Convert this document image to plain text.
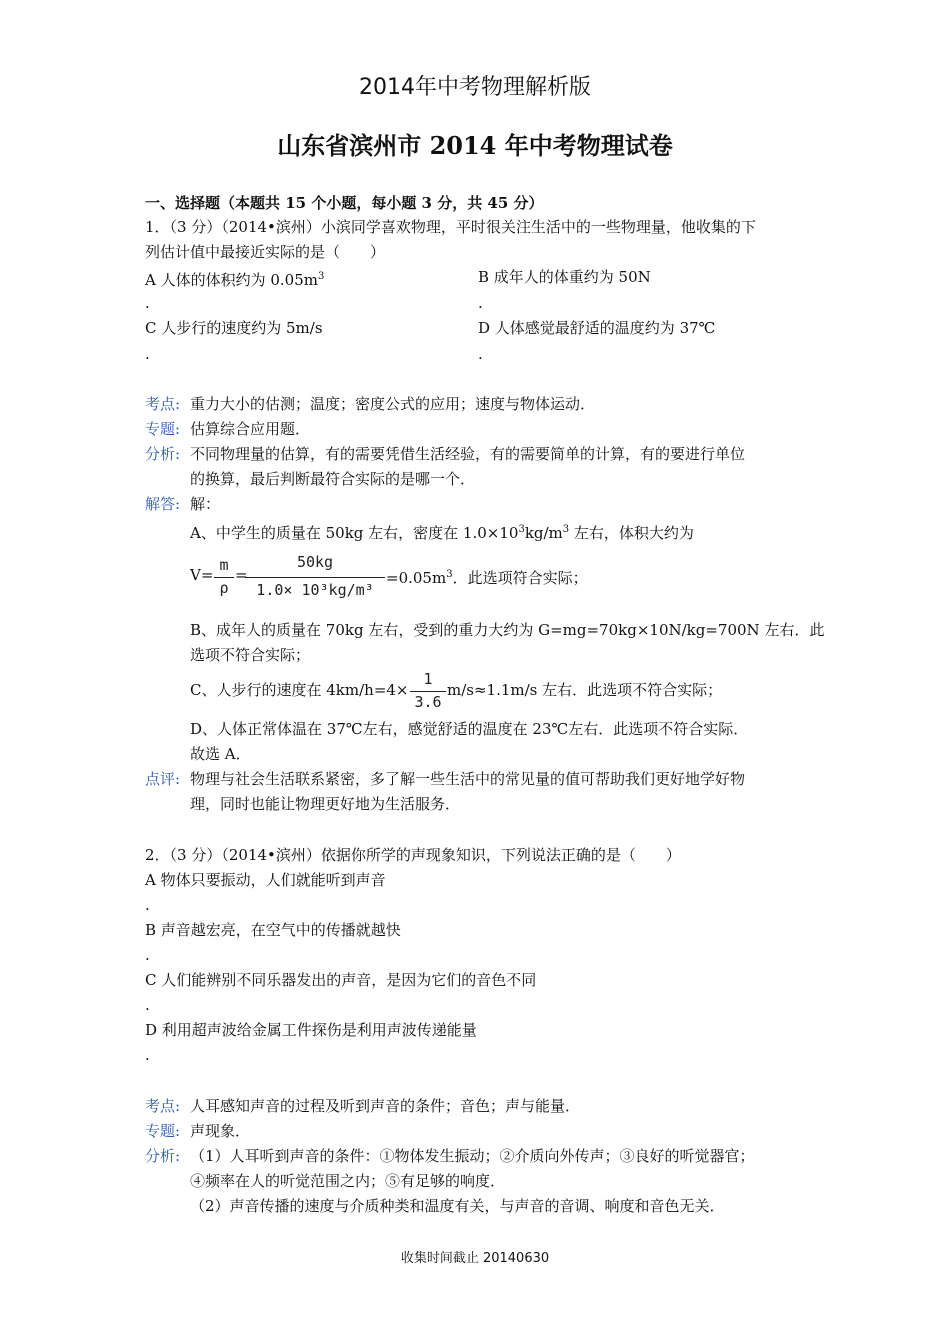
2014年中考物理解析版
山东省滨州市 2014 年中考物理试卷
一、选择题（本题共 15 个小题，每小题 3 分，共 45 分）
1．（3 分）（2014•滨州）小滨同学喜欢物理，平时很关注生活中的一些物理量，他收集的下
列估计值中最接近实际的是（　　）
A 人体的体积约为 $0.05m^3$
.
B 成年人的体重约为 50N
.
C 人步行的速度约为 5m/s
.
D 人体感觉最舒适的温度约为 37℃
.
考点: 重力大小的估测；温度；密度公式的应用；速度与物体运动．
专题: 估算综合应用题．
分析: 不同物理量的估算，有的需要凭借生活经验，有的需要简单的计算，有的要进行单位
的换算，最后判断最符合实际的是哪一个．
解答: 解：
A、中学生的质量在 50kg 左右，密度在 $1.0\times 10^3kg/m^3$ 左右，体积大约为
V=
m
ρ
=
50kg
1.0× 10³kg/m³
$=0.05m^3$．此选项符合实际；
B、成年人的质量在 70kg 左右，受到的重力大约为 G=mg=70kg×10N/kg=700N 左右．此
选项不符合实际；
C、人步行的速度在 4km/h=4×
1
3.6
m/s≈1.1m/s 左右．此选项不符合实际；
D、人体正常体温在 37℃左右，感觉舒适的温度在 23℃左右．此选项不符合实际．
故选 A．
点评: 物理与社会生活联系紧密，多了解一些生活中的常见量的值可帮助我们更好地学好物
理，同时也能让物理更好地为生活服务．
2．（3 分）（2014•滨州）依据你所学的声现象知识，下列说法正确的是（　　）
A 物体只要振动，人们就能听到声音
.
B 声音越宏亮，在空气中的传播就越快
.
C 人们能辨别不同乐器发出的声音，是因为它们的音色不同
.
D 利用超声波给金属工件探伤是利用声波传递能量
.
考点: 人耳感知声音的过程及听到声音的条件；音色；声与能量．
专题: 声现象．
分析: （1）人耳听到声音的条件：①物体发生振动；②介质向外传声；③良好的听觉器官；
④频率在人的听觉范围之内；⑤有足够的响度．
（2）声音传播的速度与介质种类和温度有关，与声音的音调、响度和音色无关．
收集时间截止 20140630
